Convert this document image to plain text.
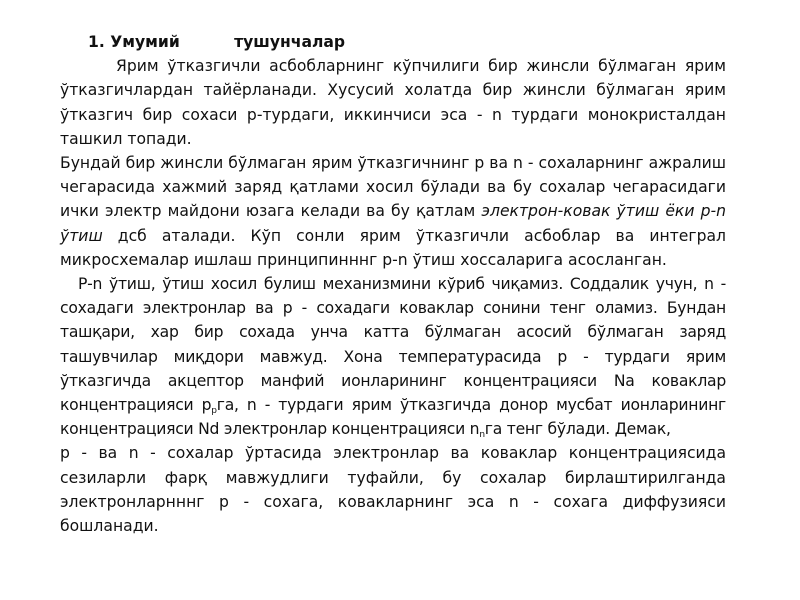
1. Умумий	тушунчалар

Ярим ўтказгичли асбобларнинг кўпчилиги бир жинсли бўлмаган ярим ўтказгичлардан тайёрланади. Хусусий холатда бир жинсли бўлмаган ярим ўтказгич бир сохаси р-турдаги, иккинчиси эса - n турдаги монокристалдан ташкил топади.

Бундай бир жинсли бўлмаган ярим ўтказгичнинг р ва n - сохаларнинг ажралиш чегарасида хажмий заряд қатлами хосил бўлади ва бу сохалар чегарасидаги ички электр майдони юзага келади ва бу қатлам электрон-ковак ўтиш ёки р-n ўтиш дсб аталади. Кўп сонли ярим ўтказгичли асбоблар ва интеграл микросхемалар ишлаш принципинннг р-n ўтиш хоссаларига асосланган.

Р-n ўтиш, ўтиш хосил булиш механизмини кўриб чиқамиз. Соддалик учун, n - сохадаги электронлар ва р - сохадаги ковaклар сонини тенг оламиз. Бундан ташқари, хар бир сохада унча катта бўлмаган асосий бўлмаган заряд ташувчилар миқдори мавжуд. Хона температурасида р - турдаги ярим ўтказгичда акцептор манфий ионларининг концентрацияси Na ковaклар концентрацияси $р_рга$, n - турдаги ярим ўтказгичда донор мусбат ионларининг концентрацияси Nd электронлар концентрацияси $n_nга$ тенг бўлади. Демак,

р - ва n - сохалар ўртасида электронлар ва ковaклар концентрациясида сезиларли фарқ мавжудлиги туфайли, бу сохалар бирлаштирилганда электронларнннг р - сохага, ковaкларнинг эса n - сохага диффузияси бошланади.
